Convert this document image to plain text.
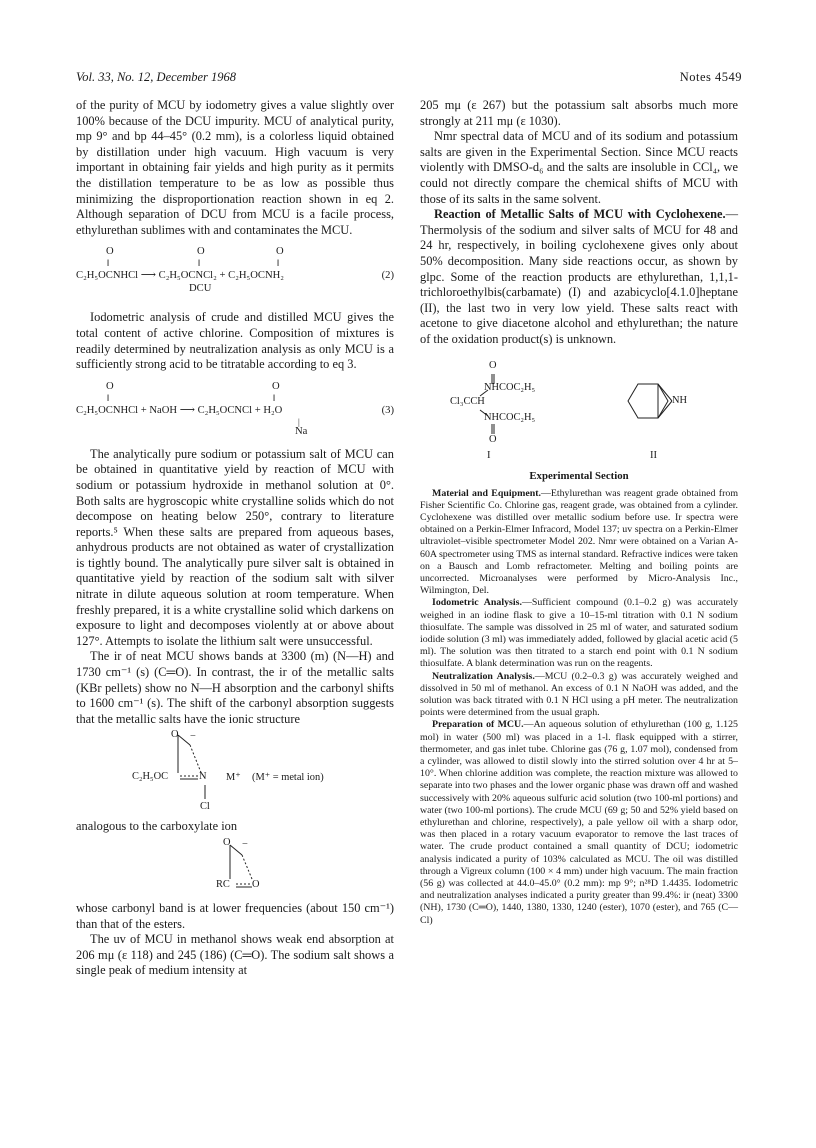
Vol. 33, No. 12, December 1968	Notes 4549

of the purity of MCU by iodometry gives a value slightly over 100% because of the DCU impurity. MCU of analytical purity, mp 9° and bp 44–45° (0.2 mm), is a colorless liquid obtained by distillation under high vacuum. High vacuum is very important in obtaining fair yields and high purity as it permits the distillation temperature to be as low as possible thus minimizing the disproportionation reaction shown in eq 2. Although separation of DCU from MCU is a facile process, ethylurethan sublimes with and contaminates the MCU.

O	O	O
‖	‖	‖
C₂H₅OCNHCl ⟶ C₂H₅OCNCl₂ + C₂H₅OCNH₂	(2)
DCU

Iodometric analysis of crude and distilled MCU gives the total content of active chlorine. Composition of mixtures is readily determined by neutralization analysis as only MCU is a sufficiently strong acid to be titratable according to eq 3.

O	O
‖	‖
C₂H₅OCNHCl + NaOH ⟶ C₂H₅OCNCl + H₂O	(3)
|
Na

The analytically pure sodium or potassium salt of MCU can be obtained in quantitative yield by reaction of MCU with sodium or potassium hydroxide in methanol solution at 0°. Both salts are hygroscopic white crystalline solids which do not decompose on heating below 250°, contrary to literature reports.⁵ When these salts are prepared from aqueous bases, anhydrous products are not obtained as water of crystallization is tightly bound. The analytically pure silver salt is obtained in quantitative yield by reaction of the sodium salt with silver nitrate in dilute aqueous solution at room temperature. When freshly prepared, it is a white crystalline solid which darkens on exposure to light and decomposes violently at or above about 127°. Attempts to isolate the lithium salt were unsuccessful.

The ir of neat MCU shows bands at 3300 (m) (N—H) and 1730 cm⁻¹ (s) (C═O). In contrast, the ir of the metallic salts (KBr pellets) show no N—H absorption and the carbonyl shifts to 1600 cm⁻¹ (s). The shift of the carbonyl absorption suggests that the metallic salts have the ionic structure

O −
C₂H₅OC	N
Cl
M⁺ (M⁺ = metal ion)

analogous to the carboxylate ion

O −
RC O

whose carbonyl band is at lower frequencies (about 150 cm⁻¹) than that of the esters.

The uv of MCU in methanol shows weak end absorption at 206 mμ (ε 118) and 245 (186) (C═O). The sodium salt shows a single peak of medium intensity at

205 mμ (ε 267) but the potassium salt absorbs much more strongly at 211 mμ (ε 1030).

Nmr spectral data of MCU and of its sodium and potassium salts are given in the Experimental Section. Since MCU reacts violently with DMSO-d₆ and the salts are insoluble in CCl₄, we could not directly compare the chemical shifts of MCU with those of its salts in the same solvent.

Reaction of Metallic Salts of MCU with Cyclohexene.—Thermolysis of the sodium and silver salts of MCU for 48 and 24 hr, respectively, in boiling cyclohexene gives only about 50% decomposition. Many side reactions occur, as shown by glpc. Some of the reaction products are ethylurethan, 1,1,1-trichloroethylbis(carbamate) (I) and azabicyclo[4.1.0]heptane (II), the last two in very low yield. These salts react with acetone to give diacetone alcohol and ethylurethan; the nature of the oxidation product(s) is unknown.

O
NHCOC₂H₅
Cl₃CCH
NHCOC₂H₅
O
I
NH
II
Experimental Section

Material and Equipment.—Ethylurethan was reagent grade obtained from Fisher Scientific Co. Chlorine gas, reagent grade, was obtained from a cylinder. Cyclohexene was distilled over metallic sodium before use. Ir spectra were obtained on a Perkin-Elmer Infracord, Model 137; uv spectra on a Perkin-Elmer ultraviolet–visible spectrometer Model 202. Nmr were obtained on a Varian A-60A spectrometer using TMS as internal standard. Refractive indices were taken on a Bausch and Lomb refractometer. Melting and boiling points are uncorrected. Microanalyses were performed by Micro-Analysis Inc., Wilmington, Del.

Iodometric Analysis.—Sufficient compound (0.1–0.2 g) was accurately weighed in an iodine flask to give a 10–15-ml titration with 0.1 N sodium thiosulfate. The sample was dissolved in 25 ml of water, and saturated sodium iodide solution (3 ml) was immediately added, followed by glacial acetic acid (5 ml). The solution was then titrated to a starch end point with 0.1 N sodium thiosulfate. A blank determination was run on the reagents.

Neutralization Analysis.—MCU (0.2–0.3 g) was accurately weighed and dissolved in 50 ml of methanol. An excess of 0.1 N NaOH was added, and the solution was back titrated with 0.1 N HCl using a pH meter. The neutralization points were determined from the usual graph.

Preparation of MCU.—An aqueous solution of ethylurethan (100 g, 1.125 mol) in water (500 ml) was placed in a 1-l. flask equipped with a stirrer, thermometer, and gas inlet tube. Chlorine gas (76 g, 1.07 mol), condensed from a cylinder, was allowed to distil slowly into the stirred solution over 4 hr at 5–10°. When chlorine addition was complete, the reaction mixture was allowed to separate into two phases and the lower organic phase was drawn off and washed successively with 20% aqueous sulfuric acid solution (two 100-ml portions) and water (two 100-ml portions). The crude MCU (69 g; 50 and 52% yield based on ethylurethan and chlorine, respectively), a pale yellow oil with a sharp odor, was then placed in a rotary vacuum evaporator to remove the last traces of water. The crude product contained a small quantity of DCU; iodometric analysis indicated a purity of 103% calculated as MCU. The oil was distilled through a Vigreux column (100 × 4 mm) under high vacuum. The main fraction (56 g) was collected at 44.0–45.0° (0.2 mm): mp 9°; n²⁸D 1.4435. Iodometric and neutralization analyses indicated a purity greater than 99.4%: ir (neat) 3300 (NH), 1730 (C═O), 1440, 1380, 1330, 1240 (ester), 1070 (ester), and 765 (C—Cl)
